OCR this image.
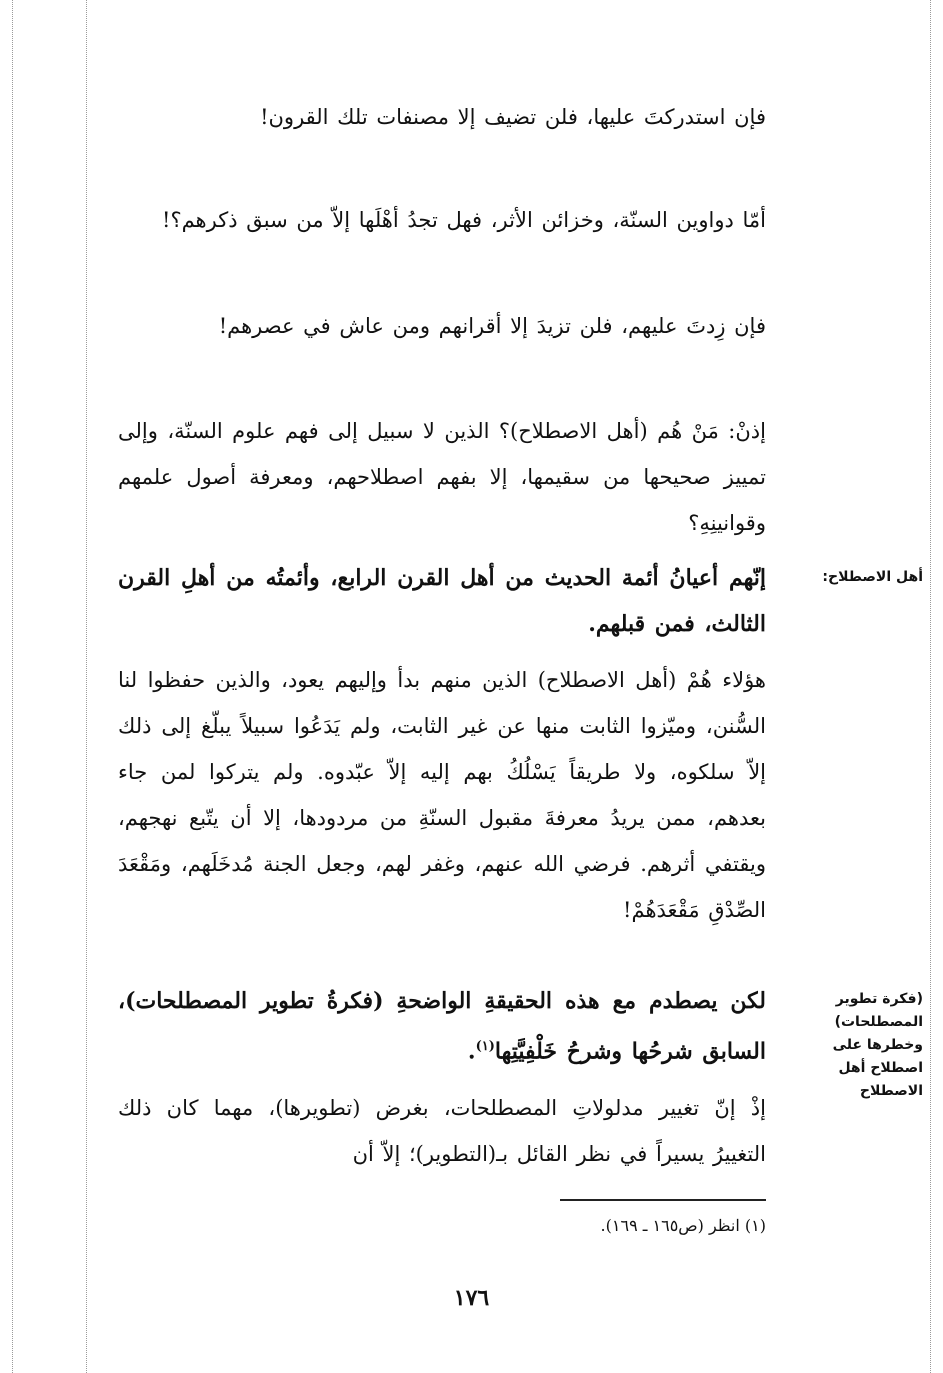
فإن استدركتَ عليها، فلن تضيف إلا مصنفات تلك القرون!

أمّا دواوين السنّة، وخزائن الأثر، فهل تجدُ أهْلَها إلاّ من سبق ذكرهم؟!

فإن زِدتَ عليهم، فلن تزيدَ إلا أقرانهم ومن عاش في عصرهم!

إذنْ: مَنْ هُم (أهل الاصطلاح)؟ الذين لا سبيل إلى فهم علوم السنّة، وإلى تمييز صحيحها من سقيمها، إلا بفهم اصطلاحهم، ومعرفة أصول علمهم وقوانينِهِ؟

إنّهم أعيانُ أئمة الحديث من أهل القرن الرابع، وأئمتُه من أهلِ القرن الثالث، فمن قبلهم.

هؤلاء هُمْ (أهل الاصطلاح) الذين منهم بدأ وإليهم يعود، والذين حفظوا لنا السُّنن، وميّزوا الثابت منها عن غير الثابت، ولم يَدَعُوا سبيلاً يبلّغ إلى ذلك إلاّ سلكوه، ولا طريقاً يَسْلُكُ بهم إليه إلاّ عبّدوه. ولم يتركوا لمن جاء بعدهم، ممن يريدُ معرفةَ مقبول السنّةِ من مردودها، إلا أن يتّبع نهجهم، ويقتفي أثرهم. فرضي الله عنهم، وغفر لهم، وجعل الجنة مُدخَلَهم، ومَقْعَدَ الصِّدْقِ مَقْعَدَهُمْ!

لكن يصطدم مع هذه الحقيقةِ الواضحةِ (فكرةُ تطوير المصطلحات)، السابق شرحُها وشرحُ خَلْفِيَّتِها$^{(١)}$.

إذْ إنّ تغيير مدلولاتِ المصطلحات، بغرض (تطويرها)، مهما كان ذلك التغييرُ يسيراً في نظر القائل بـ(التطوير)؛ إلاّ أن

أهل الاصطلاح:
(فكرة تطوير المصطلحات) وخطرها على اصطلاح أهل الاصطلاح

(١) انظر (ص١٦٥ ـ ١٦٩).

١٧٦
